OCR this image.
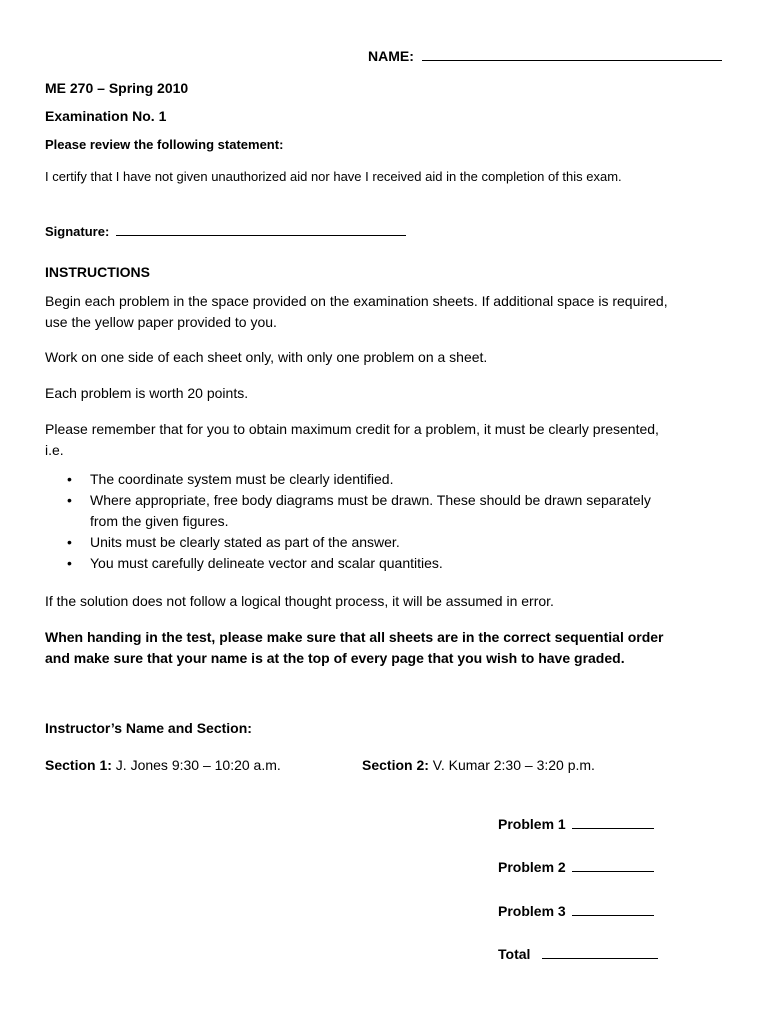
NAME:
ME 270 – Spring 2010
Examination No. 1
Please review the following statement:
I certify that I have not given unauthorized aid nor have I received aid in the completion of this exam.
Signature:
INSTRUCTIONS
Begin each problem in the space provided on the examination sheets. If additional space is required,
use the yellow paper provided to you.
Work on one side of each sheet only, with only one problem on a sheet.
Each problem is worth 20 points.
Please remember that for you to obtain maximum credit for a problem, it must be clearly presented,
i.e.
• The coordinate system must be clearly identified.
• Where appropriate, free body diagrams must be drawn. These should be drawn separately
from the given figures.
• Units must be clearly stated as part of the answer.
• You must carefully delineate vector and scalar quantities.
If the solution does not follow a logical thought process, it will be assumed in error.
When handing in the test, please make sure that all sheets are in the correct sequential order
and make sure that your name is at the top of every page that you wish to have graded.
Instructor’s Name and Section:
Section 1: J. Jones 9:30 – 10:20 a.m.	Section 2: V. Kumar 2:30 – 3:20 p.m.
Problem 1
Problem 2
Problem 3
Total
